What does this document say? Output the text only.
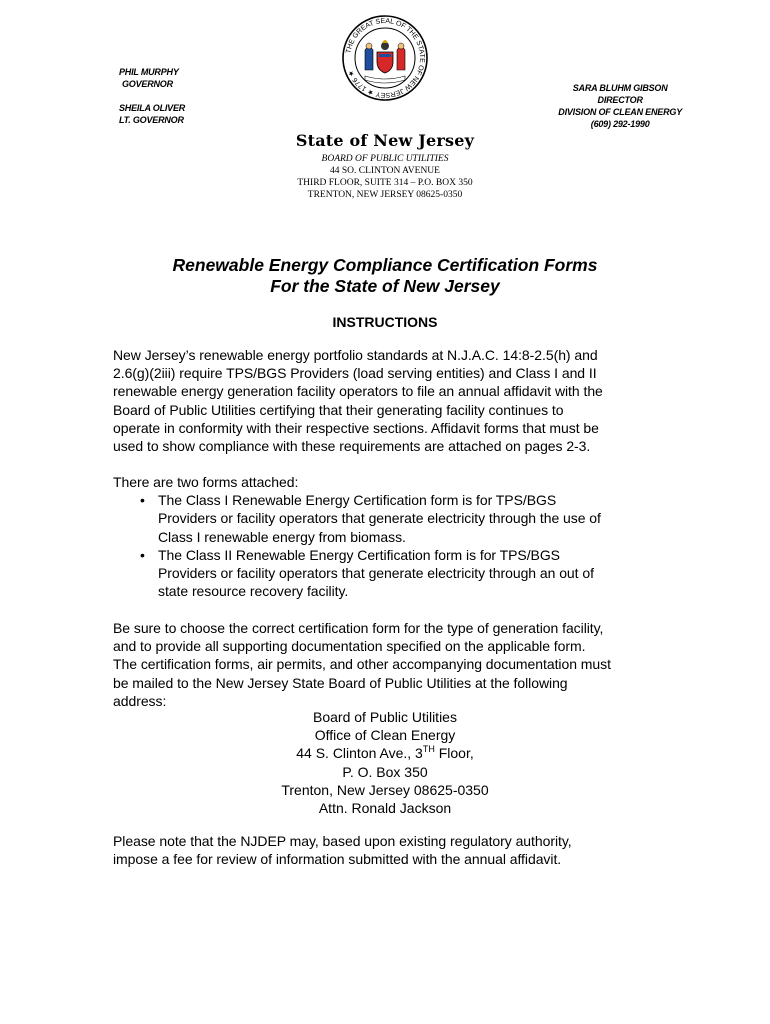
PHIL MURPHY
GOVERNOR
SHEILA OLIVER
LT. GOVERNOR
THE GREAT SEAL OF THE STATE OF NEW JERSEY ★ 1776 ★
SARA BLUHM GIBSON
DIRECTOR
DIVISION OF CLEAN ENERGY
(609) 292-1990
State of New Jersey
BOARD OF PUBLIC UTILITIES
44 SO. CLINTON AVENUE
THIRD FLOOR, SUITE 314 – P.O. BOX 350
TRENTON, NEW JERSEY 08625-0350
Renewable Energy Compliance Certification Forms
For the State of New Jersey
INSTRUCTIONS
New Jersey’s renewable energy portfolio standards at N.J.A.C. 14:8-2.5(h) and
2.6(g)(2iii) require TPS/BGS Providers (load serving entities) and Class I and II
renewable energy generation facility operators to file an annual affidavit with the
Board of Public Utilities certifying that their generating facility continues to
operate in conformity with their respective sections. Affidavit forms that must be
used to show compliance with these requirements are attached on pages 2-3.
There are two forms attached:
• The Class I Renewable Energy Certification form is for TPS/BGS
Providers or facility operators that generate electricity through the use of
Class I renewable energy from biomass.
• The Class II Renewable Energy Certification form is for TPS/BGS
Providers or facility operators that generate electricity through an out of
state resource recovery facility.
Be sure to choose the correct certification form for the type of generation facility,
and to provide all supporting documentation specified on the applicable form.
The certification forms, air permits, and other accompanying documentation must
be mailed to the New Jersey State Board of Public Utilities at the following
address:
Board of Public Utilities
Office of Clean Energy
44 S. Clinton Ave., 3TH Floor,
P. O. Box 350
Trenton, New Jersey 08625-0350
Attn. Ronald Jackson
Please note that the NJDEP may, based upon existing regulatory authority,
impose a fee for review of information submitted with the annual affidavit.
